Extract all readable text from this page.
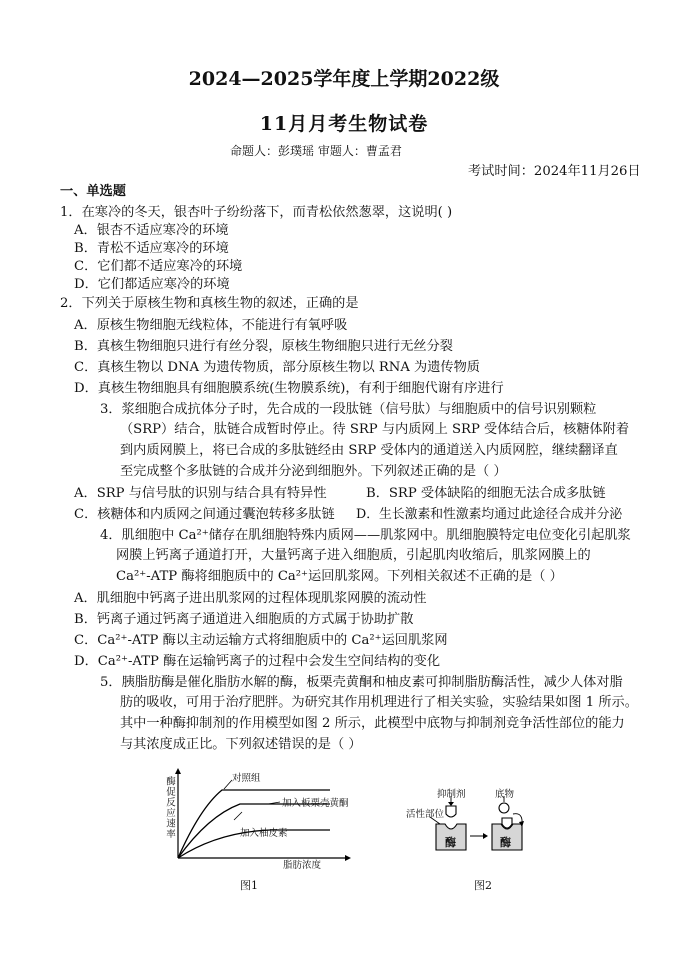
2024—2025学年度上学期2022级
11月月考生物试卷
命题人：彭璞瑶 审题人：曹孟君
考试时间：2024年11月26日
一、单选题
1．在寒冷的冬天，银杏叶子纷纷落下，而青松依然葱翠，这说明( )
A．银杏不适应寒冷的环境
B．青松不适应寒冷的环境
C．它们都不适应寒冷的环境
D．它们都适应寒冷的环境
2．下列关于原核生物和真核生物的叙述，正确的是
A．原核生物细胞无线粒体，不能进行有氧呼吸
B．真核生物细胞只进行有丝分裂，原核生物细胞只进行无丝分裂
C．真核生物以 DNA 为遗传物质，部分原核生物以 RNA 为遗传物质
D．真核生物细胞具有细胞膜系统(生物膜系统)，有利于细胞代谢有序进行
3．浆细胞合成抗体分子时，先合成的一段肽链（信号肽）与细胞质中的信号识别颗粒
（SRP）结合，肽链合成暂时停止。待 SRP 与内质网上 SRP 受体结合后，核糖体附着
到内质网膜上，将已合成的多肽链经由 SRP 受体内的通道送入内质网腔，继续翻译直
至完成整个多肽链的合成并分泌到细胞外。下列叙述正确的是（ ）
A．SRP 与信号肽的识别与结合具有特异性	B．SRP 受体缺陷的细胞无法合成多肽链
C．核糖体和内质网之间通过囊泡转移多肽链 D．生长激素和性激素均通过此途径合成并分泌
4．肌细胞中 Ca²⁺储存在肌细胞特殊内质网——肌浆网中。肌细胞膜特定电位变化引起肌浆
网膜上钙离子通道打开，大量钙离子进入细胞质，引起肌肉收缩后，肌浆网膜上的
Ca²⁺-ATP 酶将细胞质中的 Ca²⁺运回肌浆网。下列相关叙述不正确的是（ ）
A．肌细胞中钙离子进出肌浆网的过程体现肌浆网膜的流动性
B．钙离子通过钙离子通道进入细胞质的方式属于协助扩散
C．Ca²⁺-ATP 酶以主动运输方式将细胞质中的 Ca²⁺运回肌浆网
D．Ca²⁺-ATP 酶在运输钙离子的过程中会发生空间结构的变化
5．胰脂肪酶是催化脂肪水解的酶，板栗壳黄酮和柚皮素可抑制脂肪酶活性，减少人体对脂
肪的吸收，可用于治疗肥胖。为研究其作用机理进行了相关实验，实验结果如图 1 所示。
其中一种酶抑制剂的作用模型如图 2 所示，此模型中底物与抑制剂竞争活性部位的能力
与其浓度成正比。下列叙述错误的是（ ）
酶促反应速率	对照组
加入板栗壳黄酮
加入柚皮素
脂肪浓度
图1
抑制剂	底物
活性部位
酶	酶
图2
